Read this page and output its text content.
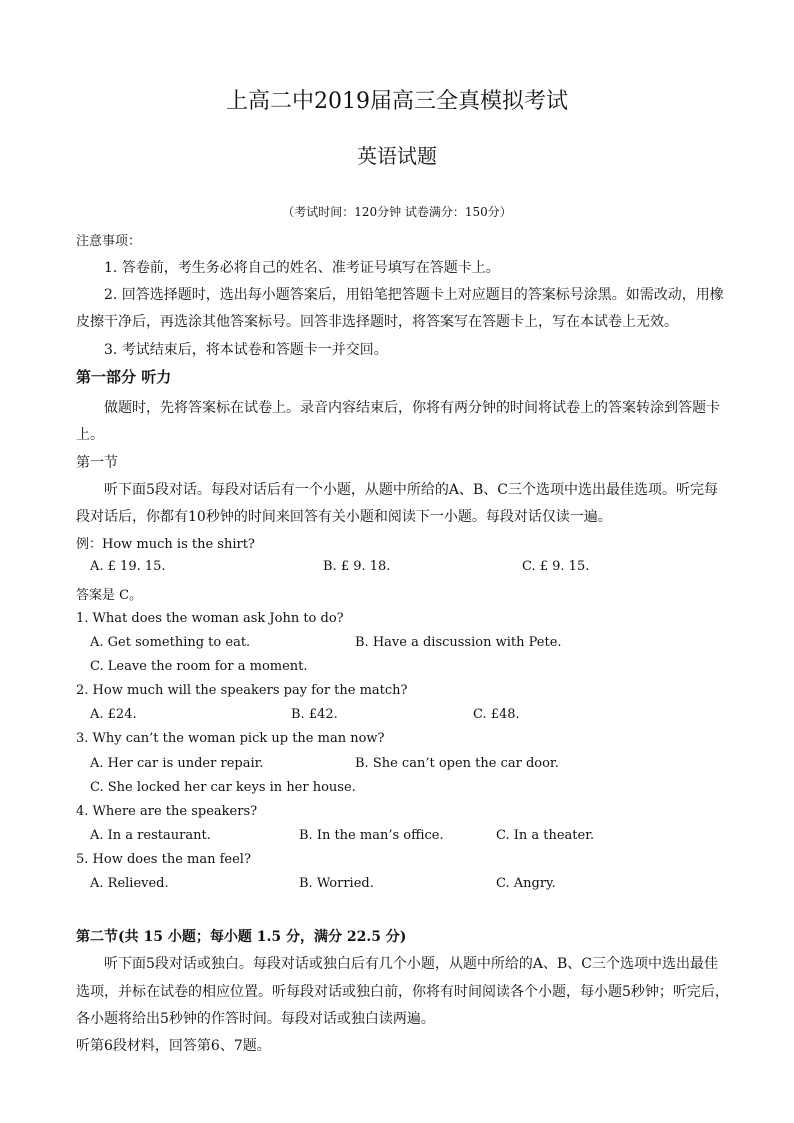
上高二中2019届高三全真模拟考试
英语试题
（考试时间：120分钟 试卷满分：150分）
注意事项：
1. 答卷前，考生务必将自己的姓名、准考证号填写在答题卡上。
2. 回答选择题时，选出每小题答案后，用铅笔把答题卡上对应题目的答案标号涂黑。如需改动，用橡
皮擦干净后，再选涂其他答案标号。回答非选择题时，将答案写在答题卡上，写在本试卷上无效。
3. 考试结束后，将本试卷和答题卡一并交回。
第一部分 听力
做题时，先将答案标在试卷上。录音内容结束后，你将有两分钟的时间将试卷上的答案转涂到答题卡
上。
第一节
听下面5段对话。每段对话后有一个小题，从题中所给的A、B、C三个选项中选出最佳选项。听完每
段对话后，你都有10秒钟的时间来回答有关小题和阅读下一小题。每段对话仅读一遍。
例：How much is the shirt?
A. £ 19. 15.	B. £ 9. 18.	C. £ 9. 15.
答案是 C。
1. What does the woman ask John to do?
A. Get something to eat.	B. Have a discussion with Pete.
C. Leave the room for a moment.
2. How much will the speakers pay for the match?
A. £24.	B. £42.	C. £48.
3. Why can’t the woman pick up the man now?
A. Her car is under repair.	B. She can’t open the car door.
C. She locked her car keys in her house.
4. Where are the speakers?
A. In a restaurant.	B. In the man’s office.	C. In a theater.
5. How does the man feel?
A. Relieved.	B. Worried.	C. Angry.
第二节(共 15 小题；每小题 1.5 分，满分 22.5 分)
听下面5段对话或独白。每段对话或独白后有几个小题，从题中所给的A、B、C三个选项中选出最佳
选项，并标在试卷的相应位置。听每段对话或独白前，你将有时间阅读各个小题，每小题5秒钟；听完后，
各小题将给出5秒钟的作答时间。每段对话或独白读两遍。
听第6段材料，回答第6、7题。
